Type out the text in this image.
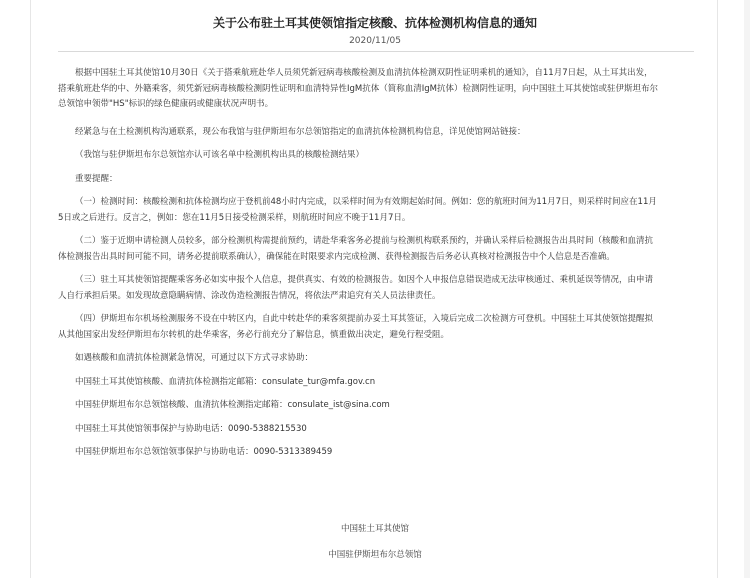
关于公布驻土耳其使领馆指定核酸、抗体检测机构信息的通知
2020/11/05

根据中国驻土耳其使馆10月30日《关于搭乘航班赴华人员须凭新冠病毒核酸检测及血清抗体检测双阴性证明乘机的通知》，自11月7日起，从土耳其出发，搭乘航班赴华的中、外籍乘客，须凭新冠病毒核酸检测阴性证明和血清特异性IgM抗体（简称血清IgM抗体）检测阴性证明，向中国驻土耳其使馆或驻伊斯坦布尔总领馆申领带"HS"标识的绿色健康码或健康状况声明书。

经紧急与在土检测机构沟通联系，现公布我馆与驻伊斯坦布尔总领馆指定的血清抗体检测机构信息，详见使馆网站链接：

（我馆与驻伊斯坦布尔总领馆亦认可该名单中检测机构出具的核酸检测结果）

重要提醒：

（一）检测时间：核酸检测和抗体检测均应于登机前48小时内完成，以采样时间为有效期起始时间。例如：您的航班时间为11月7日，则采样时间应在11月5日或之后进行。反言之，例如：您在11月5日接受检测采样，则航班时间应不晚于11月7日。

（二）鉴于近期申请检测人员较多，部分检测机构需提前预约，请赴华乘客务必提前与检测机构联系预约，并确认采样后检测报告出具时间（核酸和血清抗体检测报告出具时间可能不同，请务必提前联系确认），确保能在时限要求内完成检测、获得检测报告后务必认真核对检测报告中个人信息是否准确。

（三）驻土耳其使领馆提醒乘客务必如实申报个人信息，提供真实、有效的检测报告。如因个人申报信息错误造成无法审核通过、乘机延误等情况，由申请人自行承担后果。如发现故意隐瞒病情、涂改伪造检测报告情况，将依法严肃追究有关人员法律责任。

（四）伊斯坦布尔机场检测服务不设在中转区内，自此中转赴华的乘客须提前办妥土耳其签证，入境后完成二次检测方可登机。中国驻土耳其使领馆提醒拟从其他国家出发经伊斯坦布尔转机的赴华乘客，务必行前充分了解信息，慎重做出决定，避免行程受阻。

如遇核酸和血清抗体检测紧急情况，可通过以下方式寻求协助：

中国驻土耳其使馆核酸、血清抗体检测指定邮箱：consulate_tur@mfa.gov.cn

中国驻伊斯坦布尔总领馆核酸、血清抗体检测指定邮箱：consulate_ist@sina.com

中国驻土耳其使馆领事保护与协助电话：0090-5388215530

中国驻伊斯坦布尔总领馆领事保护与协助电话：0090-5313389459

中国驻土耳其使馆
中国驻伊斯坦布尔总领馆
